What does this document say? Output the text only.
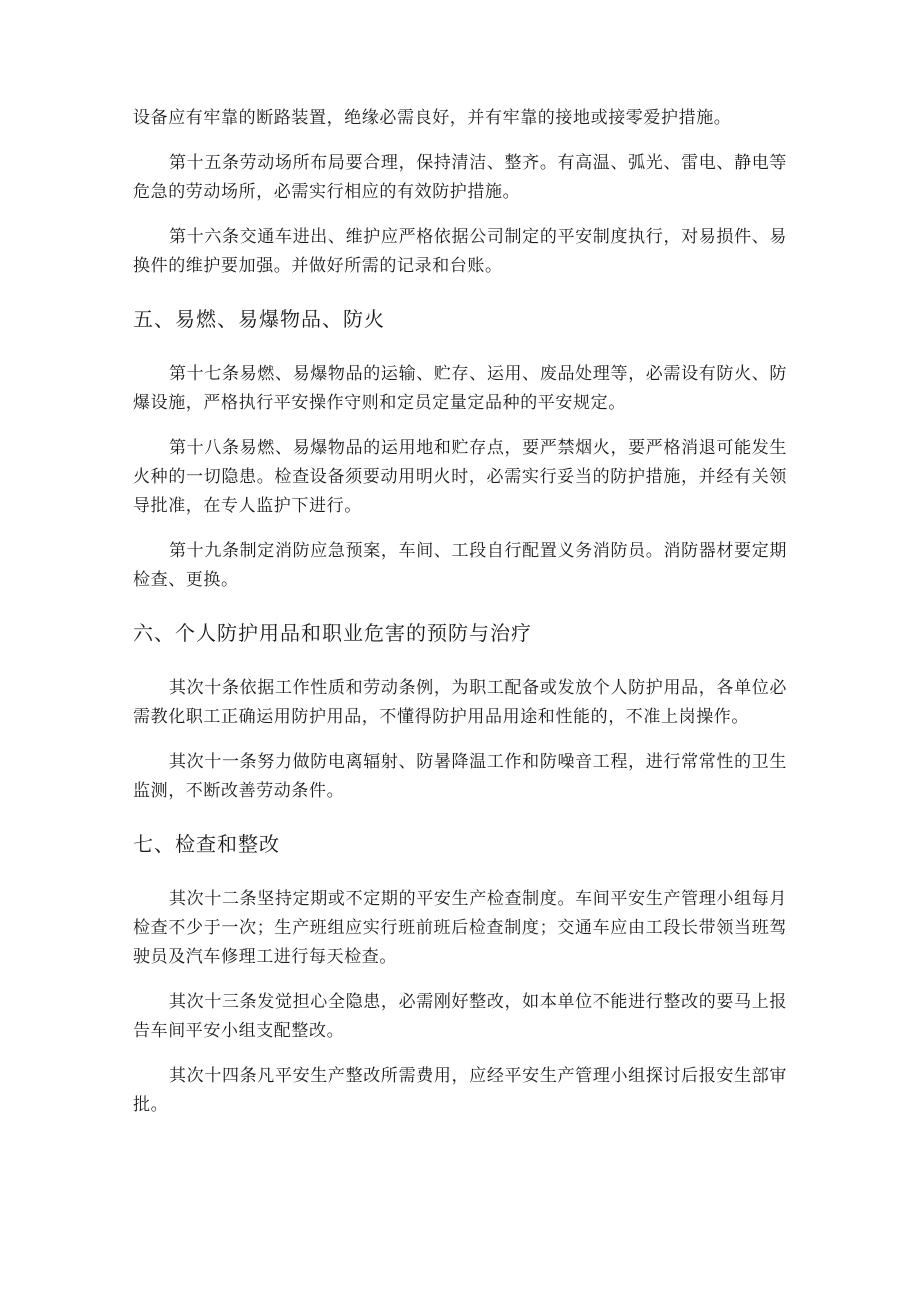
设备应有牢靠的断路装置，绝缘必需良好，并有牢靠的接地或接零爱护措施。

第十五条劳动场所布局要合理，保持清洁、整齐。有高温、弧光、雷电、静电等危急的劳动场所，必需实行相应的有效防护措施。

第十六条交通车进出、维护应严格依据公司制定的平安制度执行，对易损件、易换件的维护要加强。并做好所需的记录和台账。

五、易燃、易爆物品、防火

第十七条易燃、易爆物品的运输、贮存、运用、废品处理等，必需设有防火、防爆设施，严格执行平安操作守则和定员定量定品种的平安规定。

第十八条易燃、易爆物品的运用地和贮存点，要严禁烟火，要严格消退可能发生火种的一切隐患。检查设备须要动用明火时，必需实行妥当的防护措施，并经有关领导批准，在专人监护下进行。

第十九条制定消防应急预案，车间、工段自行配置义务消防员。消防器材要定期检查、更换。

六、个人防护用品和职业危害的预防与治疗

其次十条依据工作性质和劳动条例，为职工配备或发放个人防护用品，各单位必需教化职工正确运用防护用品，不懂得防护用品用途和性能的，不准上岗操作。

其次十一条努力做防电离辐射、防暑降温工作和防噪音工程，进行常常性的卫生监测，不断改善劳动条件。

七、检查和整改

其次十二条坚持定期或不定期的平安生产检查制度。车间平安生产管理小组每月检查不少于一次；生产班组应实行班前班后检查制度；交通车应由工段长带领当班驾驶员及汽车修理工进行每天检查。

其次十三条发觉担心全隐患，必需刚好整改，如本单位不能进行整改的要马上报告车间平安小组支配整改。

其次十四条凡平安生产整改所需费用，应经平安生产管理小组探讨后报安生部审批。
